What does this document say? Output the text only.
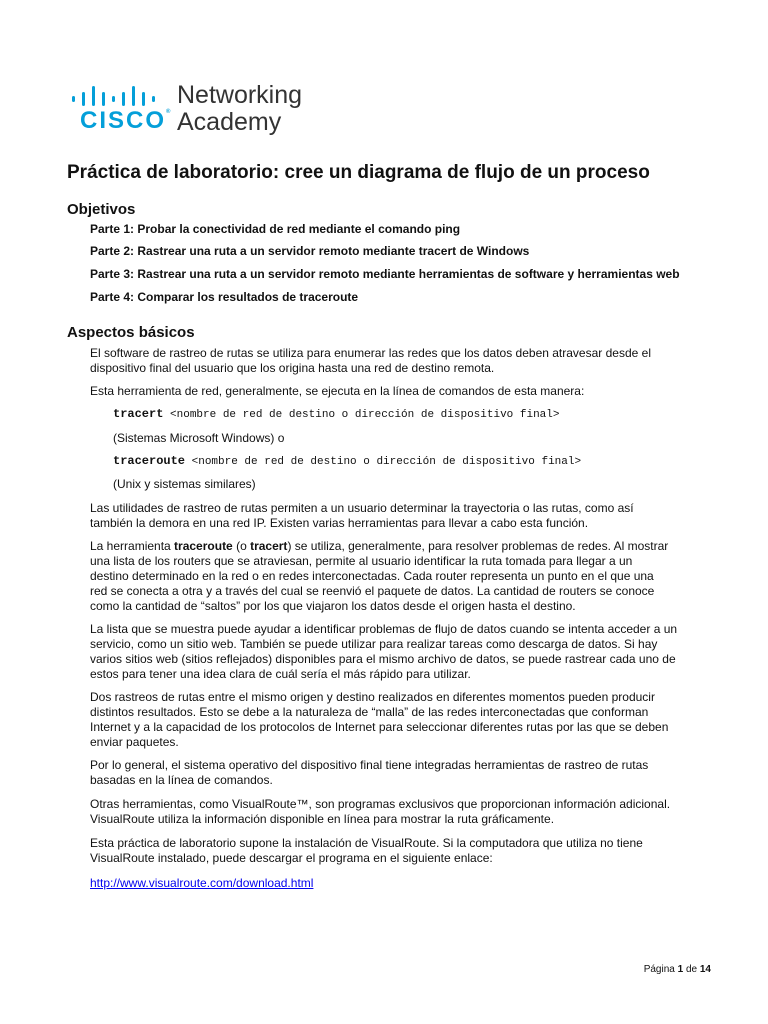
CISCO®
Networking
Academy
Práctica de laboratorio: cree un diagrama de flujo de un proceso
Objetivos
Parte 1: Probar la conectividad de red mediante el comando ping
Parte 2: Rastrear una ruta a un servidor remoto mediante tracert de Windows
Parte 3: Rastrear una ruta a un servidor remoto mediante herramientas de software y herramientas web
Parte 4: Comparar los resultados de traceroute
Aspectos básicos
El software de rastreo de rutas se utiliza para enumerar las redes que los datos deben atravesar desde el
dispositivo final del usuario que los origina hasta una red de destino remota.
Esta herramienta de red, generalmente, se ejecuta en la línea de comandos de esta manera:
tracert <nombre de red de destino o dirección de dispositivo final>
(Sistemas Microsoft Windows) o
traceroute <nombre de red de destino o dirección de dispositivo final>
(Unix y sistemas similares)
Las utilidades de rastreo de rutas permiten a un usuario determinar la trayectoria o las rutas, como así
también la demora en una red IP. Existen varias herramientas para llevar a cabo esta función.
La herramienta traceroute (o tracert) se utiliza, generalmente, para resolver problemas de redes. Al mostrar
una lista de los routers que se atraviesan, permite al usuario identificar la ruta tomada para llegar a un
destino determinado en la red o en redes interconectadas. Cada router representa un punto en el que una
red se conecta a otra y a través del cual se reenvió el paquete de datos. La cantidad de routers se conoce
como la cantidad de “saltos” por los que viajaron los datos desde el origen hasta el destino.
La lista que se muestra puede ayudar a identificar problemas de flujo de datos cuando se intenta acceder a un
servicio, como un sitio web. También se puede utilizar para realizar tareas como descarga de datos. Si hay
varios sitios web (sitios reflejados) disponibles para el mismo archivo de datos, se puede rastrear cada uno de
estos para tener una idea clara de cuál sería el más rápido para utilizar.
Dos rastreos de rutas entre el mismo origen y destino realizados en diferentes momentos pueden producir
distintos resultados. Esto se debe a la naturaleza de “malla” de las redes interconectadas que conforman
Internet y a la capacidad de los protocolos de Internet para seleccionar diferentes rutas por las que se deben
enviar paquetes.
Por lo general, el sistema operativo del dispositivo final tiene integradas herramientas de rastreo de rutas
basadas en la línea de comandos.
Otras herramientas, como VisualRoute™, son programas exclusivos que proporcionan información adicional.
VisualRoute utiliza la información disponible en línea para mostrar la ruta gráficamente.
Esta práctica de laboratorio supone la instalación de VisualRoute. Si la computadora que utiliza no tiene
VisualRoute instalado, puede descargar el programa en el siguiente enlace:
http://www.visualroute.com/download.html
Página 1 de 14
